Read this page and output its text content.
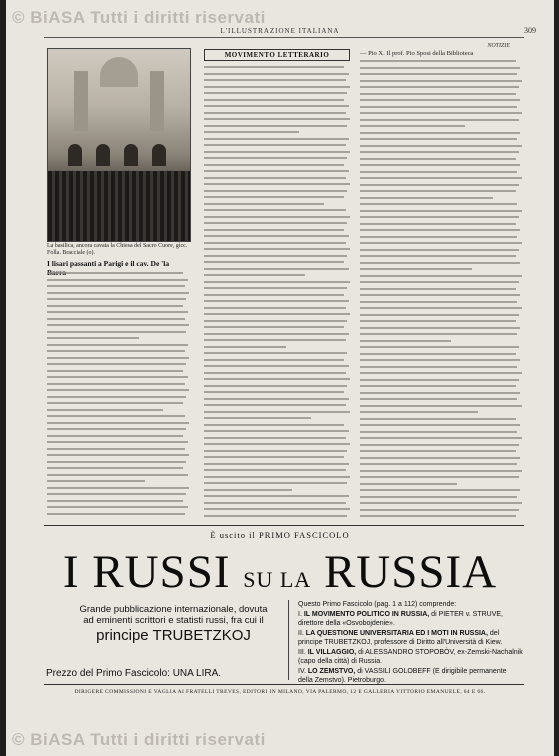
© BiASA Tutti i diritti riservati
L'ILLUSTRAZIONE ITALIANA	309
La basilica, ancora cavata la Chiesa del Sacro Cuore, gìcc. Folla. Bracciale (o).
I lisari passanti a Parigi e il cav. De 'la
MOVIMENTO LETTERARIO
NOTIZIE
— Pio X. Il prof. Pio Sposi della Biblioteca
È uscito il PRIMO FASCICOLO
I RUSSI SU LA RUSSIA
Grande pubblicazione internazionale, dovuta
ad eminenti scrittori e statisti russi, fra cui il
principe TRUBETZKOJ
Prezzo del Primo Fascicolo: UNA LIRA.
Questo Primo Fascicolo (pag. 1 a 112) comprende:
I. IL MOVIMENTO POLITICO IN RUSSIA, di PIETER v. STRUVE, direttore della «Osvobojdenie».
II. LA QUESTIONE UNIVERSITARIA ED I MOTI IN RUSSIA, del principe TRUBETZKOJ, professore di Diritto all'Università di Kiew.
III. IL VILLAGGIO, di ALESSANDRO STOPOBÒV, ex-Zemski-Nachalnik (capo della città) di Russia.
IV. LO ZEMSTVO, di VASSILI GOLOBEFF (E dirigibile permanente della Zemstvo). Pietroburgo.
DIRIGERE COMMISSIONI E VAGLIA AI FRATELLI TREVES, EDITORI IN MILANO, VIA PALERMO, 12 E GALLERIA VITTORIO EMANUELE, 64 E 66.
© BiASA Tutti i diritti riservati
